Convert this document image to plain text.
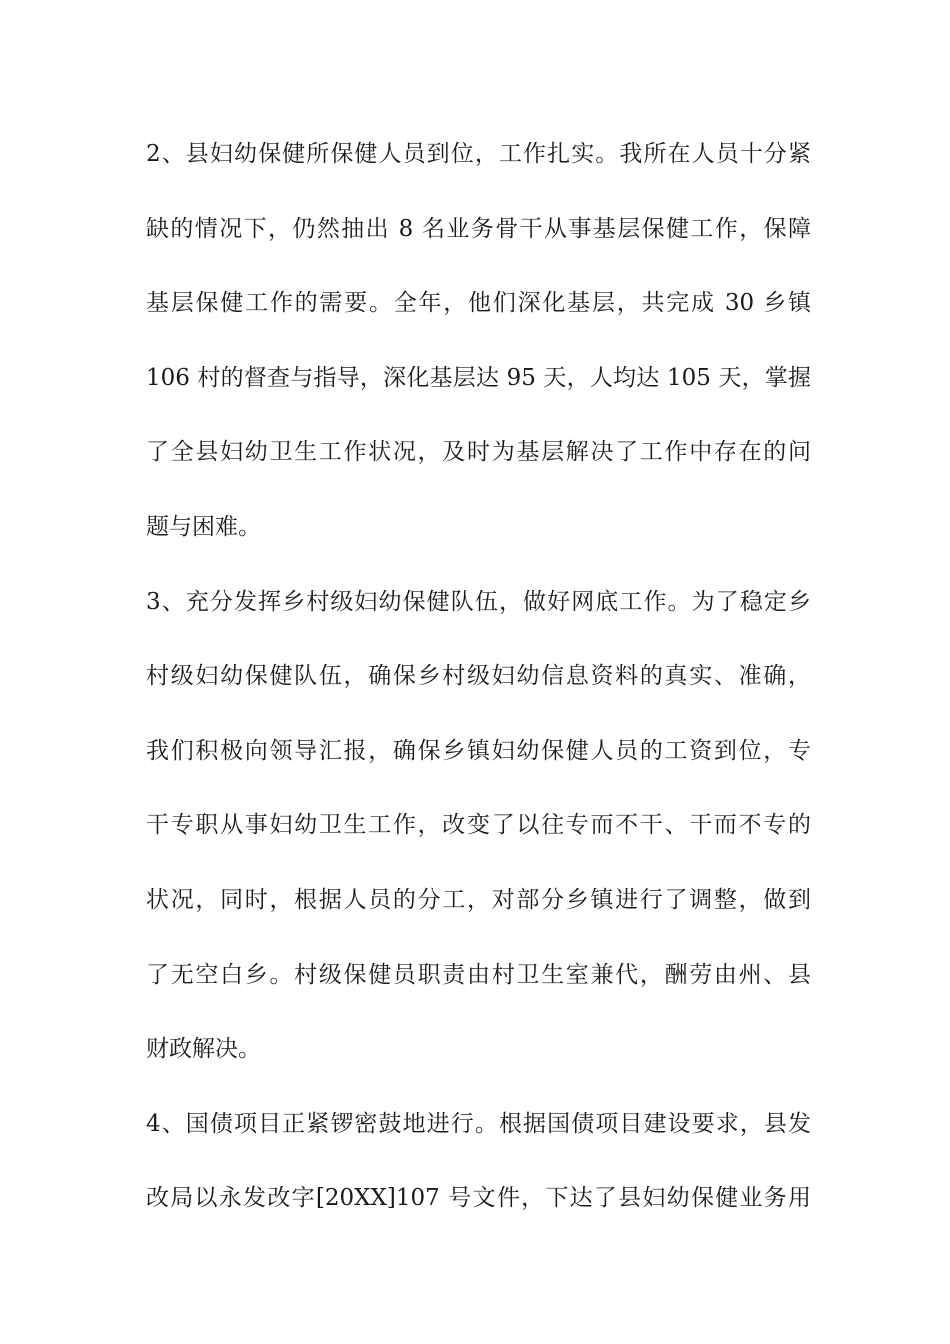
2、县妇幼保健所保健人员到位，工作扎实。我所在人员十分紧
缺的情况下，仍然抽出 8 名业务骨干从事基层保健工作，保障
基层保健工作的需要。全年，他们深化基层，共完成 30 乡镇
106 村的督查与指导，深化基层达 95 天，人均达 105 天，掌握
了全县妇幼卫生工作状况，及时为基层解决了工作中存在的问
题与困难。
3、充分发挥乡村级妇幼保健队伍，做好网底工作。为了稳定乡
村级妇幼保健队伍，确保乡村级妇幼信息资料的真实、准确，
我们积极向领导汇报，确保乡镇妇幼保健人员的工资到位，专
干专职从事妇幼卫生工作，改变了以往专而不干、干而不专的
状况，同时，根据人员的分工，对部分乡镇进行了调整，做到
了无空白乡。村级保健员职责由村卫生室兼代，酬劳由州、县
财政解决。
4、国债项目正紧锣密鼓地进行。根据国债项目建设要求，县发
改局以永发改字[20XX]107 号文件，下达了县妇幼保健业务用
